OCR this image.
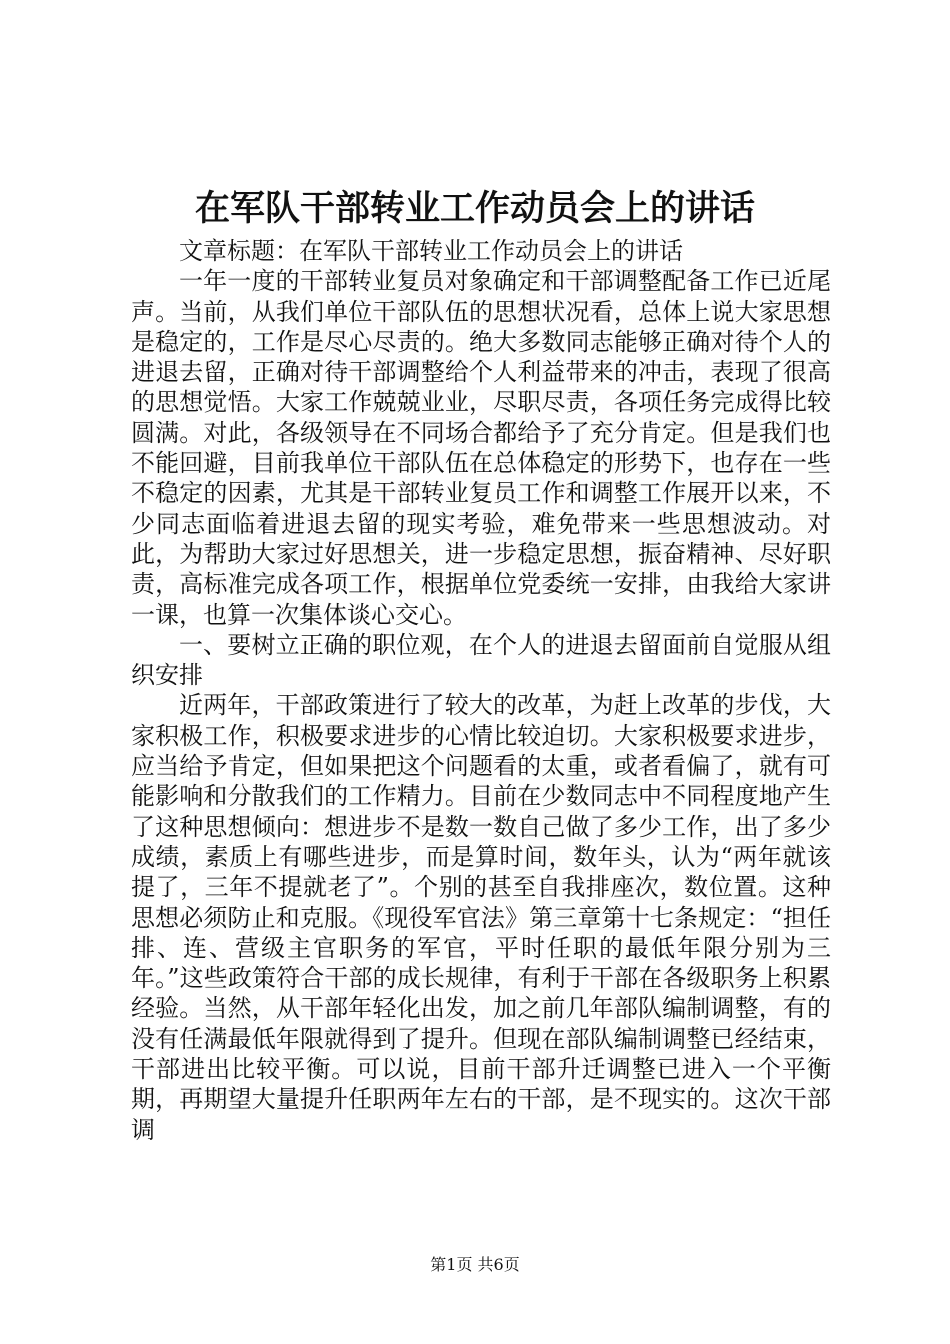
在军队干部转业工作动员会上的讲话

文章标题：在军队干部转业工作动员会上的讲话

一年一度的干部转业复员对象确定和干部调整配备工作已近尾声。当前，从我们单位干部队伍的思想状况看，总体上说大家思想是稳定的，工作是尽心尽责的。绝大多数同志能够正确对待个人的进退去留，正确对待干部调整给个人利益带来的冲击，表现了很高的思想觉悟。大家工作兢兢业业，尽职尽责，各项任务完成得比较圆满。对此，各级领导在不同场合都给予了充分肯定。但是我们也不能回避，目前我单位干部队伍在总体稳定的形势下，也存在一些不稳定的因素，尤其是干部转业复员工作和调整工作展开以来，不少同志面临着进退去留的现实考验，难免带来一些思想波动。对此，为帮助大家过好思想关，进一步稳定思想，振奋精神、尽好职责，高标准完成各项工作，根据单位党委统一安排，由我给大家讲一课，也算一次集体谈心交心。

一、要树立正确的职位观，在个人的进退去留面前自觉服从组织安排

近两年，干部政策进行了较大的改革，为赶上改革的步伐，大家积极工作，积极要求进步的心情比较迫切。大家积极要求进步，应当给予肯定，但如果把这个问题看的太重，或者看偏了，就有可能影响和分散我们的工作精力。目前在少数同志中不同程度地产生了这种思想倾向：想进步不是数一数自己做了多少工作，出了多少成绩，素质上有哪些进步，而是算时间，数年头，认为“两年就该提了，三年不提就老了”。个别的甚至自我排座次，数位置。这种思想必须防止和克服。《现役军官法》第三章第十七条规定：“担任排、连、营级主官职务的军官，平时任职的最低年限分别为三年。”这些政策符合干部的成长规律，有利于干部在各级职务上积累经验。当然，从干部年轻化出发，加之前几年部队编制调整，有的没有任满最低年限就得到了提升。但现在部队编制调整已经结束，干部进出比较平衡。可以说，目前干部升迁调整已进入一个平衡期，再期望大量提升任职两年左右的干部，是不现实的。这次干部调

第1页 共6页
